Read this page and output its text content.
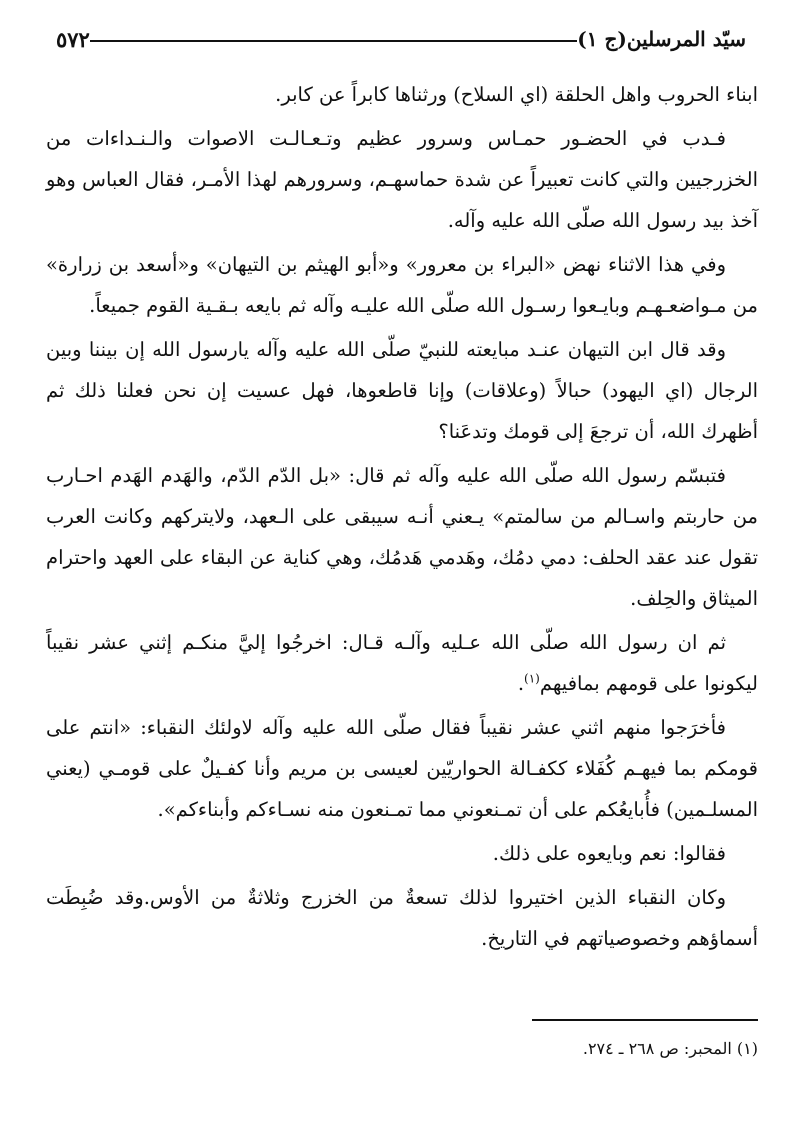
سيّد المرسلين(ج ١)
٥٧٢

ابناء الحروب واهل الحلقة (اي السلاح) ورثناها كابراً عن كابر.

فـدب في الحضـور حمـاس وسرور عظيم وتـعـالـت الاصوات والـنـداءات من الخزرجيين والتي كانت تعبيراً عن شدة حماسهـم، وسرورهم لهذا الأمـر، فقال العباس وهو آخذ بيد رسول الله صلّى الله عليه وآله.

وفي هذا الاثناء نهض «البراء بن معرور» و«أبو الهيثم بن التيهان» و«أسعد بن زرارة» من مـواضعـهـم وبايـعوا رسـول الله صلّى الله عليـه وآله ثم بايعه بـقـية القوم جميعاً.

وقد قال ابن التيهان عنـد مبايعته للنبيّ صلّى الله عليه وآله يارسول الله إن بيننا وبين الرجال (اي اليهود) حبالاً (وعلاقات) وإنا قاطعوها، فهل عسيت إن نحن فعلنا ذلك ثم أظهرك الله، أن ترجعَ إلى قومك وتدعَنا؟

فتبسّم رسول الله صلّى الله عليه وآله ثم قال: «بل الدّم الدّم، والهَدم الهَدم احـارب من حاربتم واسـالم من سالمتم» يـعني أنـه سيبقى على الـعهد، ولايتركهم وكانت العرب تقول عند عقد الحلف: دمي دمُك، وهَدمي هَدمُك، وهي كناية عن البقاء على العهد واحترام الميثاق والحِلف.

ثم ان رسول الله صلّى الله عـليه وآلـه قـال: اخرجُوا إليَّ منكـم إثني عشر نقيباً ليكونوا على قومهم بمافيهم$^{(١)}$.

فأخرَجوا منهم اثني عشر نقيباً فقال صلّى الله عليه وآله لاولئك النقباء: «انتم على قومكم بما فيهـم كُفَلاء ككفـالة الحواريّين لعيسى بن مريم وأنا كفـيلٌ على قومـي (يعني المسلـمين) فأُبايعُكم على أن تمـنعوني مما تمـنعون منه نسـاءكم وأبناءكم».

فقالوا: نعم وبايعوه على ذلك.

وكان النقباء الذين اختيروا لذلك تسعةٌ من الخزرج وثلاثةٌ من الأوس.وقد ضُبِطَت أسماؤهم وخصوصياتهم في التاريخ.

(١) المحبر: ص ٢٦٨ ـ ٢٧٤.
